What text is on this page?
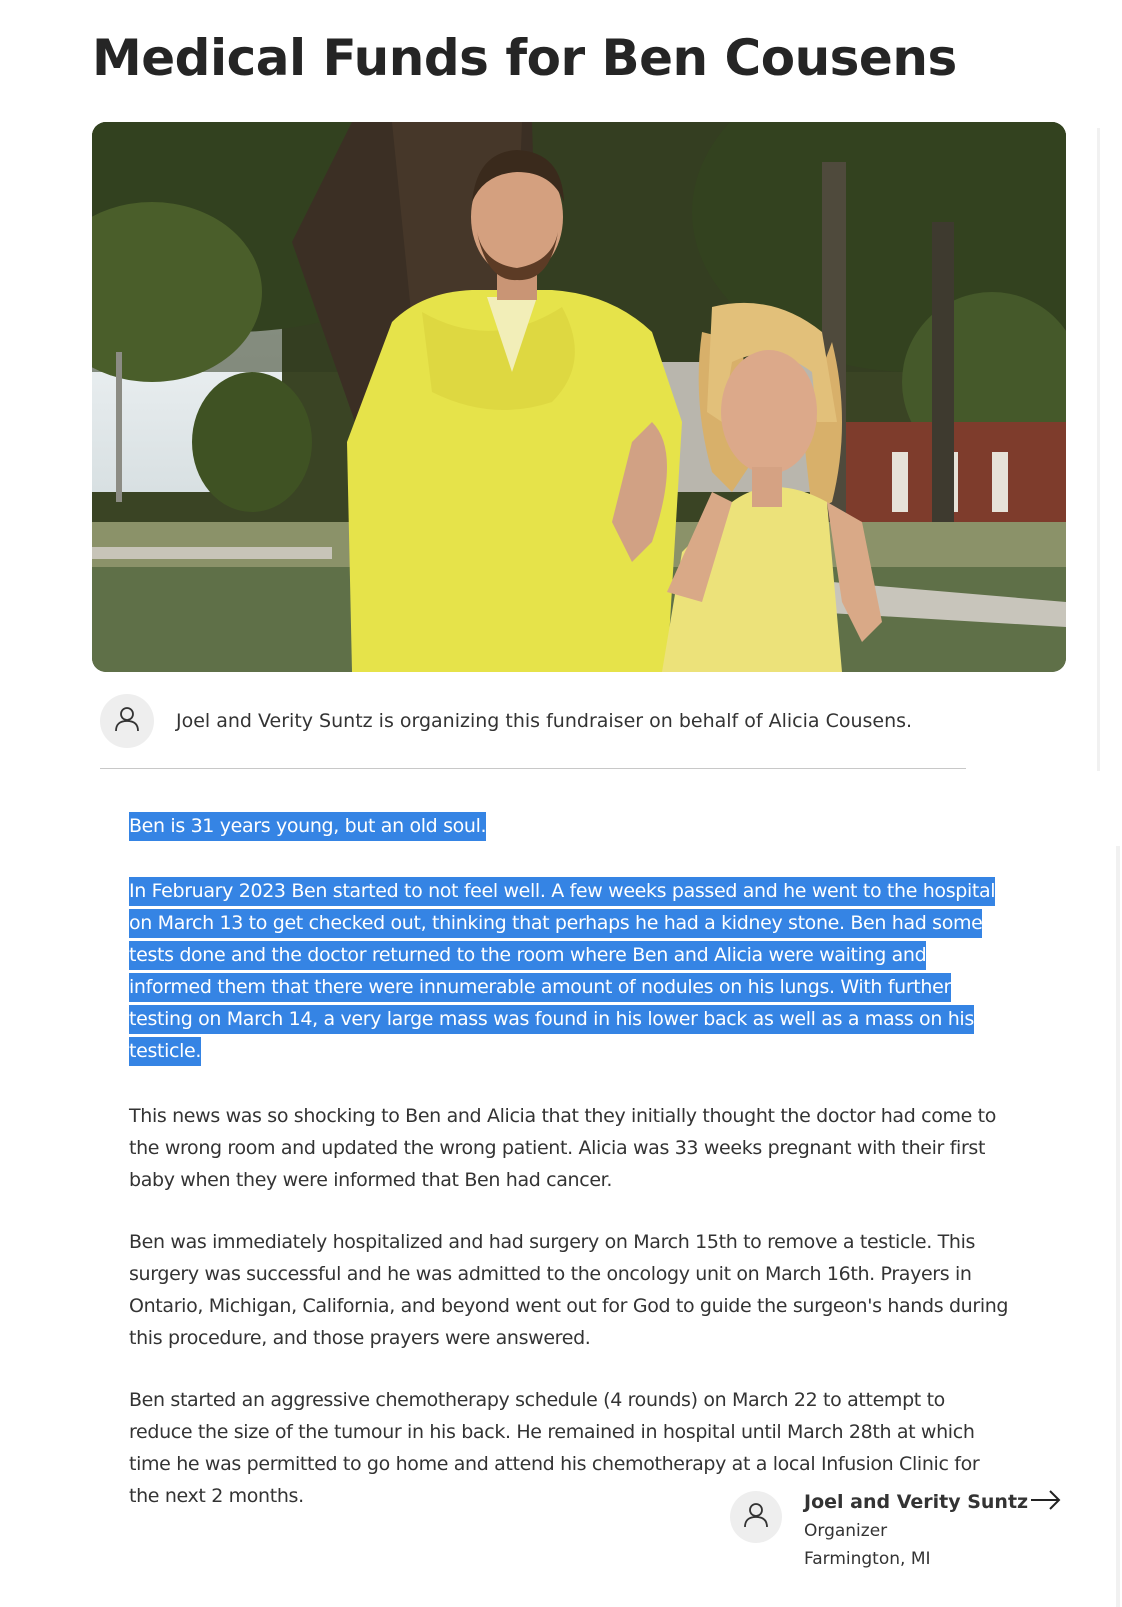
Medical Funds for Ben Cousens
Joel and Verity Suntz is organizing this fundraiser on behalf of Alicia Cousens.

Ben is 31 years young, but an old soul.

In February 2023 Ben started to not feel well. A few weeks passed and he went to the hospital on March 13 to get checked out, thinking that perhaps he had a kidney stone. Ben had some tests done and the doctor returned to the room where Ben and Alicia were waiting and informed them that there were innumerable amount of nodules on his lungs. With further testing on March 14, a very large mass was found in his lower back as well as a mass on his testicle.

This news was so shocking to Ben and Alicia that they initially thought the doctor had come to the wrong room and updated the wrong patient. Alicia was 33 weeks pregnant with their first baby when they were informed that Ben had cancer.

Ben was immediately hospitalized and had surgery on March 15th to remove a testicle. This surgery was successful and he was admitted to the oncology unit on March 16th. Prayers in Ontario, Michigan, California, and beyond went out for God to guide the surgeon's hands during this procedure, and those prayers were answered.

Ben started an aggressive chemotherapy schedule (4 rounds) on March 22 to attempt to reduce the size of the tumour in his back. He remained in hospital until March 28th at which time he was permitted to go home and attend his chemotherapy at a local Infusion Clinic for the next 2 months.	Joel and Verity Suntz
Organizer
Farmington, MI
